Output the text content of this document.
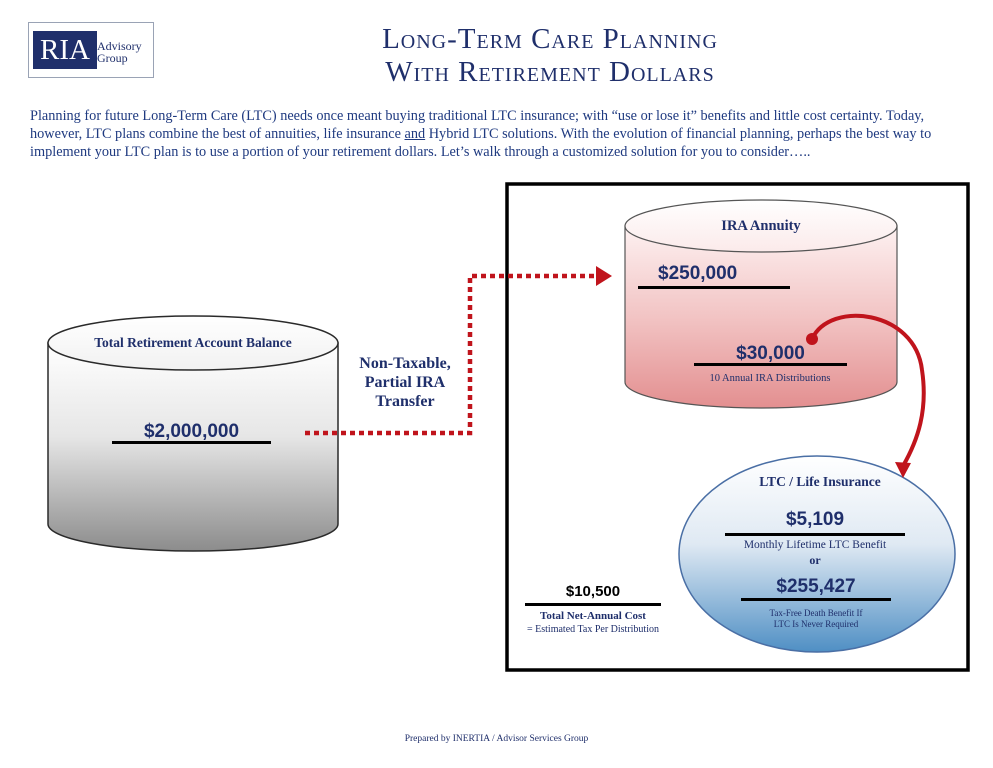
RIA Advisory
Group
Long-Term Care Planning
With Retirement Dollars
Planning for future Long-Term Care (LTC) needs once meant buying traditional LTC insurance; with “use or lose it” benefits and little cost certainty. Today, however, LTC plans combine the best of annuities, life insurance and Hybrid LTC solutions. With the evolution of financial planning, perhaps the best way to implement your LTC plan is to use a portion of your retirement dollars. Let’s walk through a customized solution for you to consider…..
Total Retirement Account Balance
$2,000,000
Non-Taxable,
Partial IRA
Transfer
IRA Annuity
$250,000
$30,000
10 Annual IRA Distributions
LTC / Life Insurance
$5,109
Monthly Lifetime LTC Benefit
or
$255,427
Tax-Free Death Benefit If
LTC Is Never Required
$10,500
Total Net-Annual Cost
= Estimated Tax Per Distribution
Prepared by INERTIA / Advisor Services Group
